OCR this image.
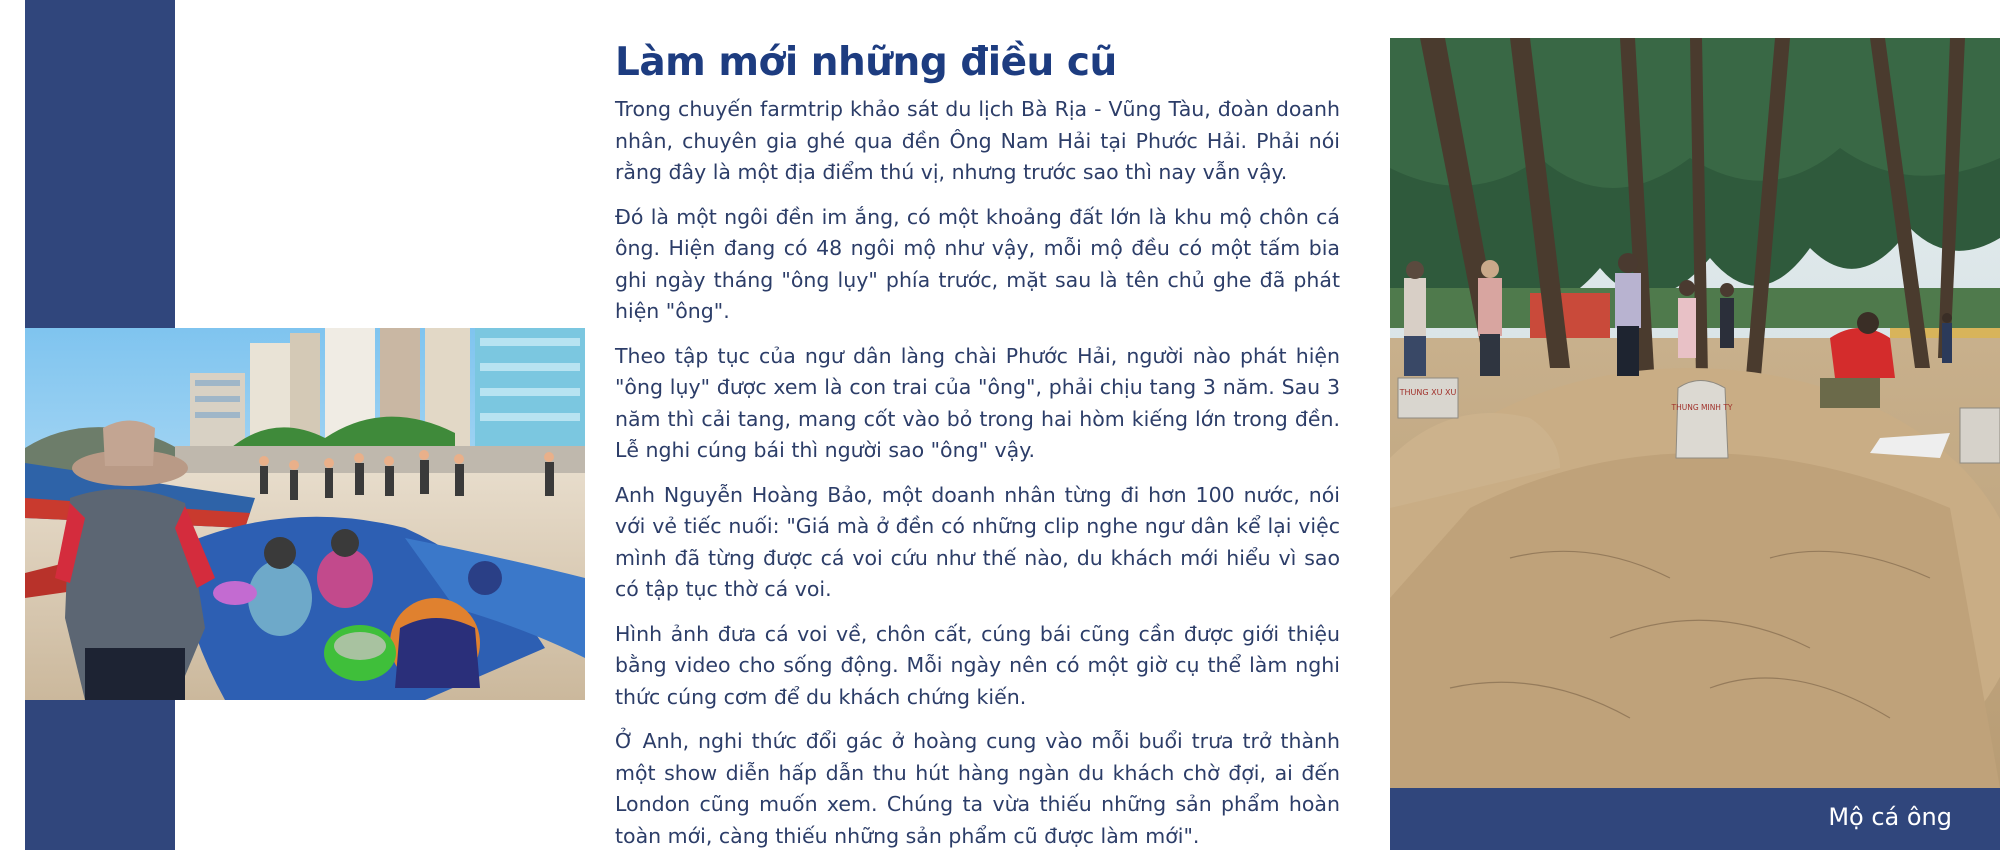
THUNG XU XU
THUNG MINH TY
Mộ cá ông
Làm mới những điều cũ

Trong chuyến farmtrip khảo sát du lịch Bà Rịa - Vũng Tàu, đoàn doanh nhân, chuyên gia ghé qua đền Ông Nam Hải tại Phước Hải. Phải nói rằng đây là một địa điểm thú vị, nhưng trước sao thì nay vẫn vậy.

Đó là một ngôi đền im ắng, có một khoảng đất lớn là khu mộ chôn cá ông. Hiện đang có 48 ngôi mộ như vậy, mỗi mộ đều có một tấm bia ghi ngày tháng "ông lụy" phía trước, mặt sau là tên chủ ghe đã phát hiện "ông".

Theo tập tục của ngư dân làng chài Phước Hải, người nào phát hiện "ông lụy" được xem là con trai của "ông", phải chịu tang 3 năm. Sau 3 năm thì cải tang, mang cốt vào bỏ trong hai hòm kiếng lớn trong đền. Lễ nghi cúng bái thì người sao "ông" vậy.

Anh Nguyễn Hoàng Bảo, một doanh nhân từng đi hơn 100 nước, nói với vẻ tiếc nuối: "Giá mà ở đền có những clip nghe ngư dân kể lại việc mình đã từng được cá voi cứu như thế nào, du khách mới hiểu vì sao có tập tục thờ cá voi.

Hình ảnh đưa cá voi về, chôn cất, cúng bái cũng cần được giới thiệu bằng video cho sống động. Mỗi ngày nên có một giờ cụ thể làm nghi thức cúng cơm để du khách chứng kiến.

Ở Anh, nghi thức đổi gác ở hoàng cung vào mỗi buổi trưa trở thành một show diễn hấp dẫn thu hút hàng ngàn du khách chờ đợi, ai đến London cũng muốn xem. Chúng ta vừa thiếu những sản phẩm hoàn toàn mới, càng thiếu những sản phẩm cũ được làm mới".
